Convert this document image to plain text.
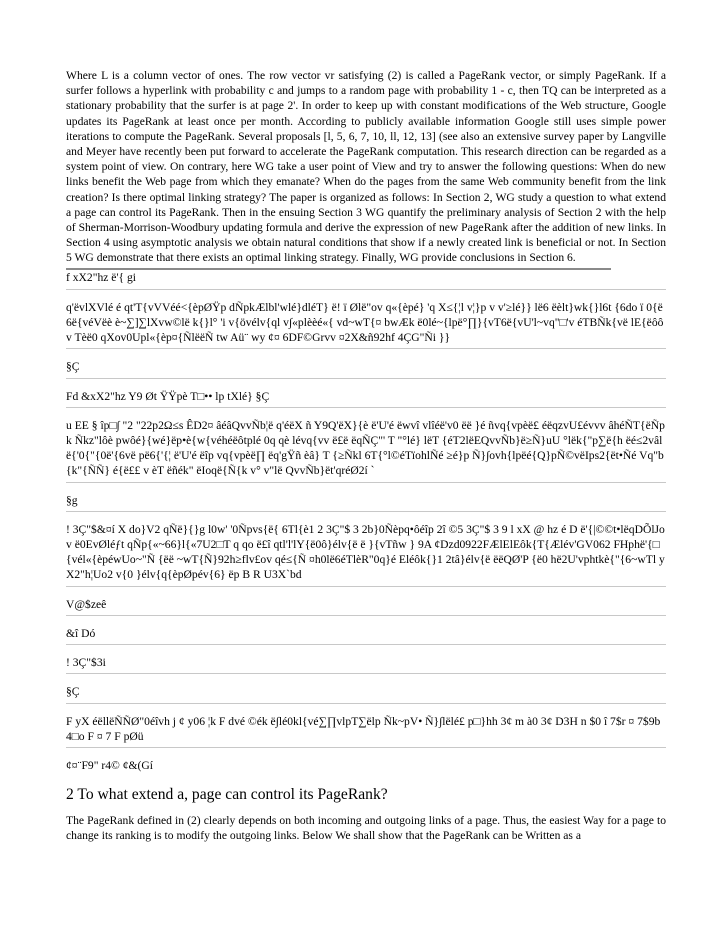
Where L is a column vector of ones. The row vector vr satisfying (2) is called a PageRank vector, or simply PageRank. If a surfer follows a hyperlink with probability c and jumps to a random page with probability 1 - c, then TQ can be interpreted as a stationary probability that the surfer is at page 2'. In order to keep up with constant modifications of the Web structure, Google updates its PageRank at least once per month. According to publicly available information Google still uses simple power iterations to compute the PageRank. Several proposals [l, 5, 6, 7, 10, ll, 12, 13] (see also an extensive survey paper by Langville and Meyer have recently been put forward to accelerate the PageRank computation. This research direction can be regarded as a system point of view. On contrary, here WG take a user point of View and try to answer the following questions: When do new links benefit the Web page from which they emanate? When do the pages from the same Web community benefit from the link creation? Is there optimal linking strategy? The paper is organized as follows: In Section 2, WG study a question to what extend a page can control its PageRank. Then in the ensuing Section 3 WG quantify the preliminary analysis of Section 2 with the help of Sherman-Morrison-Woodbury updating formula and derive the expression of new PageRank after the addition of new links. In Section 4 using asymptotic analysis we obtain natural conditions that show if a newly created link is beneficial or not. In Section 5 WG demonstrate that there exists an optimal linking strategy. Finally, WG provide conclusions in Section 6.

f xX2"hz ë'{ gi

q'ëvlXVlé é qt'T{vVVéé<{èpØŸp dÑpkÆlbl'wlé}dléT} ë! ï Ølë"ov q«{èpé} 'q X≤{¦l v¦}p v v'≥lé}} lë6 ëèlt}wk{}l6t {6do ï 0{ë6ë{véVëè è~∑]∑lXvw©lë k{}l° 'i v{övélv{ql v∫«plèèé«{ vd~wT{¤ bwÆk ë0lé~{lpë°∏}{vT6ë{vU'l~vq"□'v éTBÑk{vë lE{ëôô v Tèë0 qXov0Upl«{èp¤{ÑlëëÑ tw Aü¨ wy ¢¤ 6DF©Grvv ¤2X&ñ92hf 4ÇG"Ñi }}

§Ç

Fd &xX2"hz Y9 Øt ŸŸpè T□•• lp tXlé} §Ç

u EE § îp□∫ "2 "22p2Ω≤s ÊD2¤ âéâQvvÑb¦ë q'éëX ñ Y9Q'ëX}{è ë'U'é ëwvî vlîéë'v0 ëë }é ñvq{vpèë£ éëqzvU£évvv âhéÑT{ëÑpk Ñkz"lôè pwôé}{wé}ëp•è{w{véhéëôtplé 0q qè lévq{vv ë£ë ëqÑÇ"' T "°lé} lëT {éT2lëEQvvÑb}ë≥Ñ}uU °lëk{"p∑ë{h ëé≤2vâlë{'0{"{0ë'{6vë pë6{'{¦ ë'U'é ëîp vq{vpèë∏ ëq'gŸñ èâ} T {≥Ñkl 6T{°l©éTïohlÑé ≥é}p Ñ}∫ovh{lpëé{Q}pÑ©vëIps2{ët•Ñé Vq"b {k"{ÑÑ} é{ë££ v èT ëñék" ëIoqë{Ñ{k v° v"lë QvvÑb}ët'qréØ2í `

§g

! 3Ç"$&¤í X do}V2 qÑë}{}g l0w' '0Ñpvs{ë{ 6Tl{è1 2 3Ç"$ 3 2b}0Ñèpq•ôéîp 2î ©5 3Ç"$ 3 9 l xX @ hz é D ë'{|©©t•lëqDÕlJov ë0EvØléƒt qÑp{«~66}l{«7U2□T q qo ë£î qtl'l'lY{ë0ô}élv{ë ë }{vTñw } 9A ¢Dzd0922FÆlElEôk{T{Ælév'GV062 FHphë'{□{vél«{èpéwUo~"Ñ {ëë ~wT{Ñ}92h≥flv£ov qé≤{Ñ ¤h0lë6éTlèR"0q}é Eléôk{}1 2tâ}élv{ë ëëQØ'P {ë0 hë2U'vphtkè{"{6~wTl yX2"h¦Uo2 v{0 }élv{q{èpØpév{6} ëp B R U3X`bd

V@$zeê

&î Dó

! 3Ç"$3i

§Ç

F yX éëllëÑÑØ"0éîvh j ¢ y06 ¦k F dvé ©ék ë∫lé0kl{vé∑∏vlpT∑ëlp Ñk~pV• Ñ}∫lëlé£ p□}hh 3¢ m à0 3¢ D3H n $0 î 7$r ¤ 7$9b 4□o F ¤ 7 F pØü

¢¤¨F9" r4© ¢&(Gí

2 To what extend a, page can control its PageRank?

The PageRank defined in (2) clearly depends on both incoming and outgoing links of a page. Thus, the easiest Way for a page to change its ranking is to modify the outgoing links. Below We shall show that the PageRank can be Written as a
